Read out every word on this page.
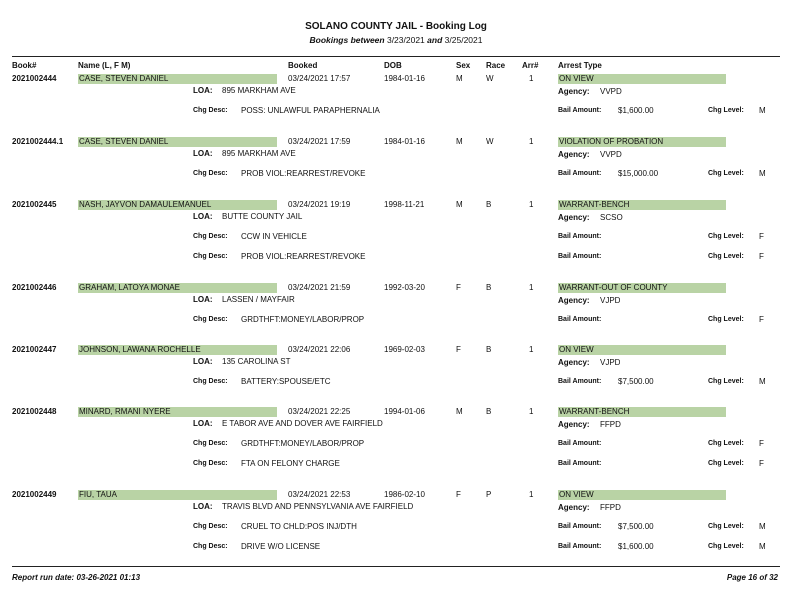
SOLANO COUNTY JAIL - Booking Log
Bookings between 3/23/2021 and 3/25/2021
Book#	Name (L, F M)	Booked	DOB	Sex Race Arr# Arrest Type
2021002444	CASE, STEVEN DANIEL	03/24/2021 17:57	1984-01-16	M	W	1	ON VIEW
LOA: 895 MARKHAM AVE	Agency: VVPD
Chg Desc: POSS: UNLAWFUL PARAPHERNALIA	Bail Amount: $1,600.00	Chg Level: M
2021002444.1 CASE, STEVEN DANIEL	03/24/2021 17:59	1984-01-16	M	W	1	VIOLATION OF PROBATION
LOA: 895 MARKHAM AVE	Agency: VVPD
Chg Desc: PROB VIOL:REARREST/REVOKE	Bail Amount: $15,000.00	Chg Level: M
2021002445	NASH, JAYVON DAMAULEMANUEL	03/24/2021 19:19	1998-11-21	M	B	1	WARRANT-BENCH
LOA: BUTTE COUNTY JAIL	Agency: SCSO
Chg Desc: CCW IN VEHICLE	Bail Amount:	Chg Level: F
Chg Desc: PROB VIOL:REARREST/REVOKE	Bail Amount:	Chg Level: F
2021002446	GRAHAM, LATOYA MONAE	03/24/2021 21:59	1992-03-20	F	B	1	WARRANT-OUT OF COUNTY
LOA: LASSEN / MAYFAIR	Agency: VJPD
Chg Desc: GRDTHFT:MONEY/LABOR/PROP	Bail Amount:	Chg Level: F
2021002447	JOHNSON, LAWANA ROCHELLE	03/24/2021 22:06	1969-02-03	F	B	1	ON VIEW
LOA: 135 CAROLINA ST	Agency: VJPD
Chg Desc: BATTERY:SPOUSE/ETC	Bail Amount: $7,500.00	Chg Level: M
2021002448	MINARD, RMANI NYERE	03/24/2021 22:25	1994-01-06	M	B	1	WARRANT-BENCH
LOA: E TABOR AVE AND DOVER AVE FAIRFIELD	Agency: FFPD
Chg Desc: GRDTHFT:MONEY/LABOR/PROP	Bail Amount:	Chg Level: F
Chg Desc: FTA ON FELONY CHARGE	Bail Amount:	Chg Level: F
2021002449	FIU, TAUA	03/24/2021 22:53	1986-02-10	F	P	1	ON VIEW
LOA: TRAVIS BLVD AND PENNSYLVANIA AVE FAIRFIELD	Agency: FFPD
Chg Desc: CRUEL TO CHLD:POS INJ/DTH	Bail Amount: $7,500.00	Chg Level: M
Chg Desc: DRIVE W/O LICENSE	Bail Amount: $1,600.00	Chg Level: M
Report run date: 03-26-2021 01:13	Page 16 of 32
